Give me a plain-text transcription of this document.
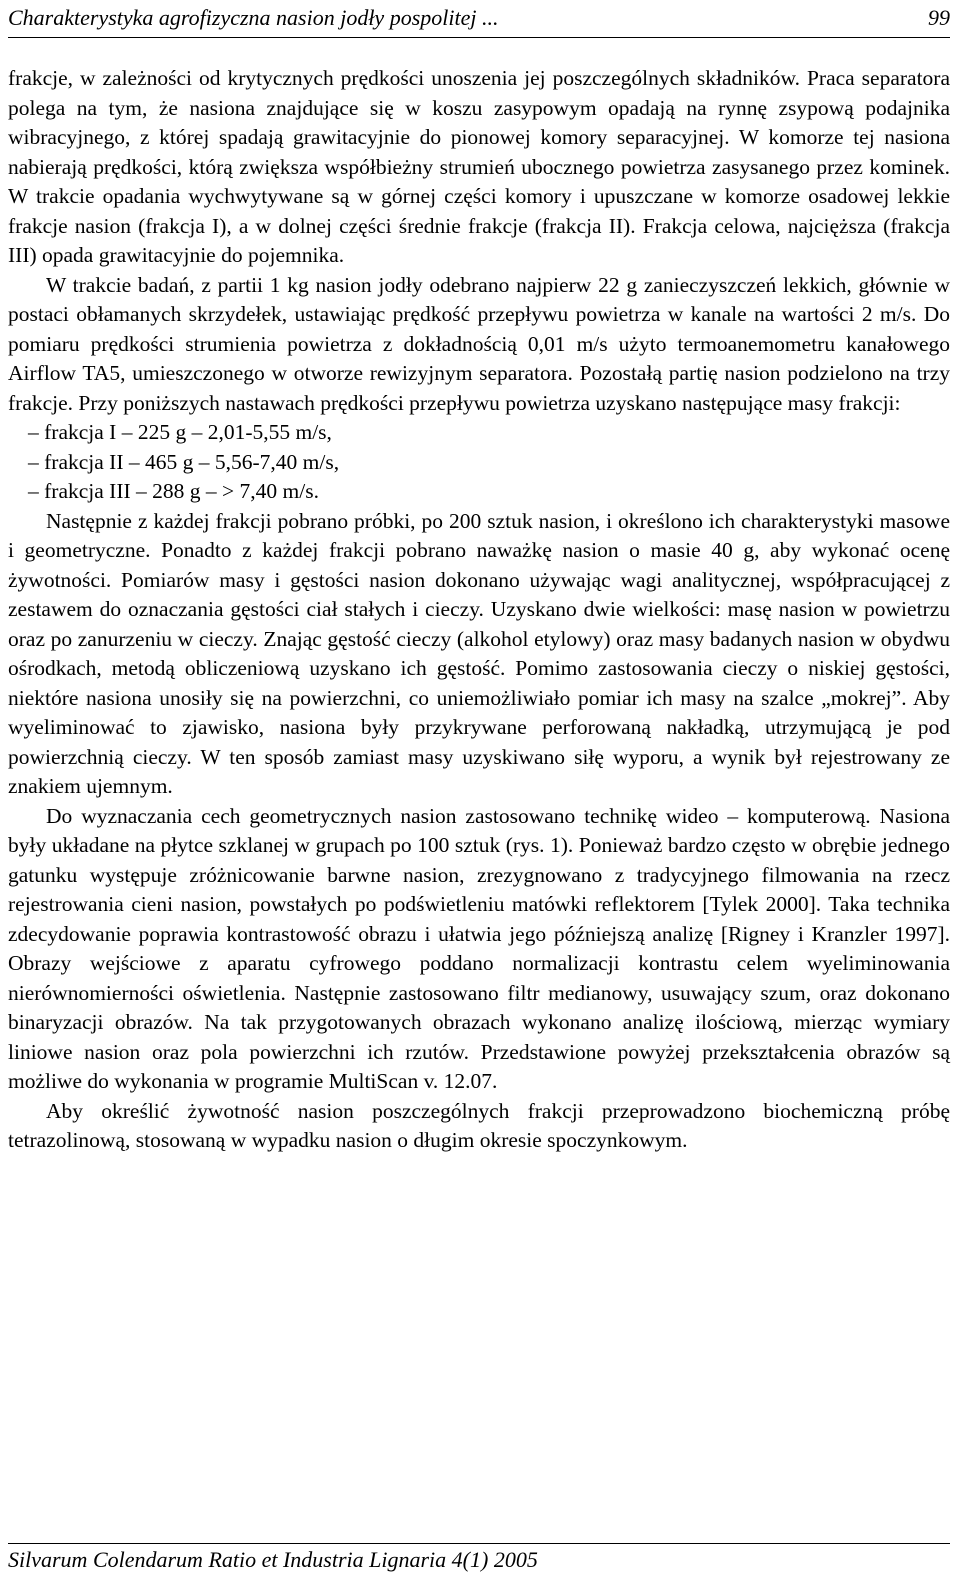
Charakterystyka agrofizyczna nasion jodły pospolitej ...	99

frakcje, w zależności od krytycznych prędkości unoszenia jej poszczególnych składników. Praca separatora polega na tym, że nasiona znajdujące się w koszu zasypowym opadają na rynnę zsypową podajnika wibracyjnego, z której spadają grawitacyjnie do pionowej komory separacyjnej. W komorze tej nasiona nabierają prędkości, którą zwiększa współbieżny strumień ubocznego powietrza zasysanego przez kominek. W trakcie opadania wychwytywane są w górnej części komory i upuszczane w komorze osadowej lekkie frakcje nasion (frakcja I), a w dolnej części średnie frakcje (frakcja II). Frakcja celowa, najcięższa (frakcja III) opada grawitacyjnie do pojemnika.

W trakcie badań, z partii 1 kg nasion jodły odebrano najpierw 22 g zanieczyszczeń lekkich, głównie w postaci obłamanych skrzydełek, ustawiając prędkość przepływu powietrza w kanale na wartości 2 m/s. Do pomiaru prędkości strumienia powietrza z dokładnością 0,01 m/s użyto termoanemometru kanałowego Airflow TA5, umieszczonego w otworze rewizyjnym separatora. Pozostałą partię nasion podzielono na trzy frakcje. Przy poniższych nastawach prędkości przepływu powietrza uzyskano następujące masy frakcji:

– frakcja I – 225 g – 2,01-5,55 m/s,
– frakcja II – 465 g – 5,56-7,40 m/s,
– frakcja III – 288 g – > 7,40 m/s.

Następnie z każdej frakcji pobrano próbki, po 200 sztuk nasion, i określono ich charakterystyki masowe i geometryczne. Ponadto z każdej frakcji pobrano naważkę nasion o masie 40 g, aby wykonać ocenę żywotności. Pomiarów masy i gęstości nasion dokonano używając wagi analitycznej, współpracującej z zestawem do oznaczania gęstości ciał stałych i cieczy. Uzyskano dwie wielkości: masę nasion w powietrzu oraz po zanurzeniu w cieczy. Znając gęstość cieczy (alkohol etylowy) oraz masy badanych nasion w obydwu ośrodkach, metodą obliczeniową uzyskano ich gęstość. Pomimo zastosowania cieczy o niskiej gęstości, niektóre nasiona unosiły się na powierzchni, co uniemożliwiało pomiar ich masy na szalce „mokrej”. Aby wyeliminować to zjawisko, nasiona były przykrywane perforowaną nakładką, utrzymującą je pod powierzchnią cieczy. W ten sposób zamiast masy uzyskiwano siłę wyporu, a wynik był rejestrowany ze znakiem ujemnym.

Do wyznaczania cech geometrycznych nasion zastosowano technikę wideo – komputerową. Nasiona były układane na płytce szklanej w grupach po 100 sztuk (rys. 1). Ponieważ bardzo często w obrębie jednego gatunku występuje zróżnicowanie barwne nasion, zrezygnowano z tradycyjnego filmowania na rzecz rejestrowania cieni nasion, powstałych po podświetleniu matówki reflektorem [Tylek 2000]. Taka technika zdecydowanie poprawia kontrastowość obrazu i ułatwia jego późniejszą analizę [Rigney i Kranzler 1997]. Obrazy wejściowe z aparatu cyfrowego poddano normalizacji kontrastu celem wyeliminowania nierównomierności oświetlenia. Następnie zastosowano filtr medianowy, usuwający szum, oraz dokonano binaryzacji obrazów. Na tak przygotowanych obrazach wykonano analizę ilościową, mierząc wymiary liniowe nasion oraz pola powierzchni ich rzutów. Przedstawione powyżej przekształcenia obrazów są możliwe do wykonania w programie MultiScan v. 12.07.

Aby określić żywotność nasion poszczególnych frakcji przeprowadzono biochemiczną próbę tetrazolinową, stosowaną w wypadku nasion o długim okresie spoczynkowym.

Silvarum Colendarum Ratio et Industria Lignaria 4(1) 2005
